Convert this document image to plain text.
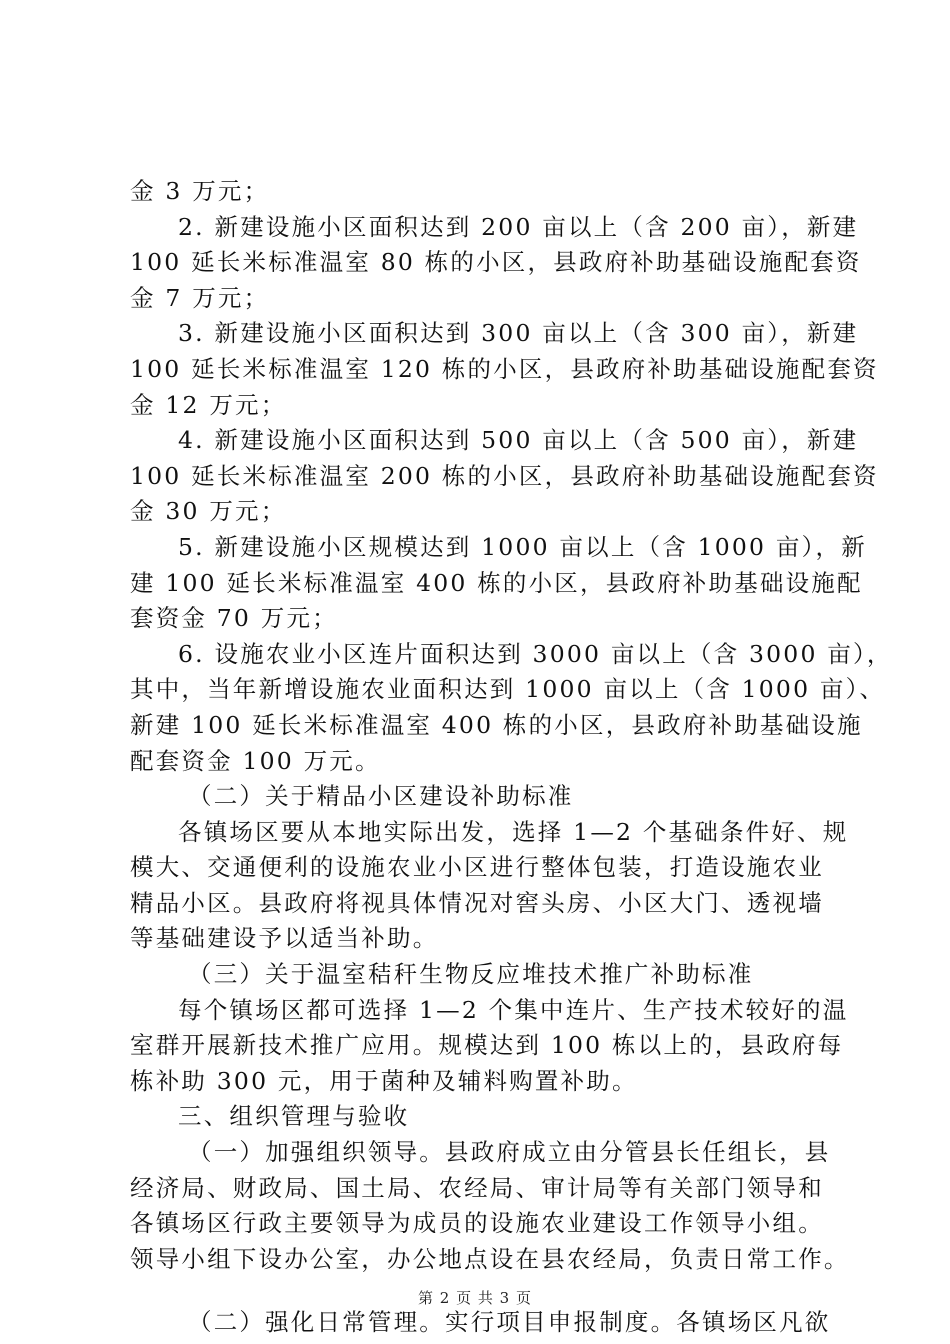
金 3 万元；
2. 新建设施小区面积达到 200 亩以上（含 200 亩），新建
100 延长米标准温室 80 栋的小区，县政府补助基础设施配套资
金 7 万元；
3. 新建设施小区面积达到 300 亩以上（含 300 亩），新建
100 延长米标准温室 120 栋的小区，县政府补助基础设施配套资
金 12 万元；
4. 新建设施小区面积达到 500 亩以上（含 500 亩），新建
100 延长米标准温室 200 栋的小区，县政府补助基础设施配套资
金 30 万元；
5. 新建设施小区规模达到 1000 亩以上（含 1000 亩），新
建 100 延长米标准温室 400 栋的小区，县政府补助基础设施配
套资金 70 万元；
6. 设施农业小区连片面积达到 3000 亩以上（含 3000 亩），
其中，当年新增设施农业面积达到 1000 亩以上（含 1000 亩）、
新建 100 延长米标准温室 400 栋的小区，县政府补助基础设施
配套资金 100 万元。
（二）关于精品小区建设补助标准
各镇场区要从本地实际出发，选择 1—2 个基础条件好、规
模大、交通便利的设施农业小区进行整体包装，打造设施农业
精品小区。县政府将视具体情况对窖头房、小区大门、透视墙
等基础建设予以适当补助。
（三）关于温室秸秆生物反应堆技术推广补助标准
每个镇场区都可选择 1—2 个集中连片、生产技术较好的温
室群开展新技术推广应用。规模达到 100 栋以上的，县政府每
栋补助 300 元，用于菌种及辅料购置补助。
三、组织管理与验收
（一）加强组织领导。县政府成立由分管县长任组长，县
经济局、财政局、国土局、农经局、审计局等有关部门领导和
各镇场区行政主要领导为成员的设施农业建设工作领导小组。
领导小组下设办公室，办公地点设在县农经局，负责日常工作。
（二）强化日常管理。实行项目申报制度。各镇场区凡欲
第 2 页 共 3 页
